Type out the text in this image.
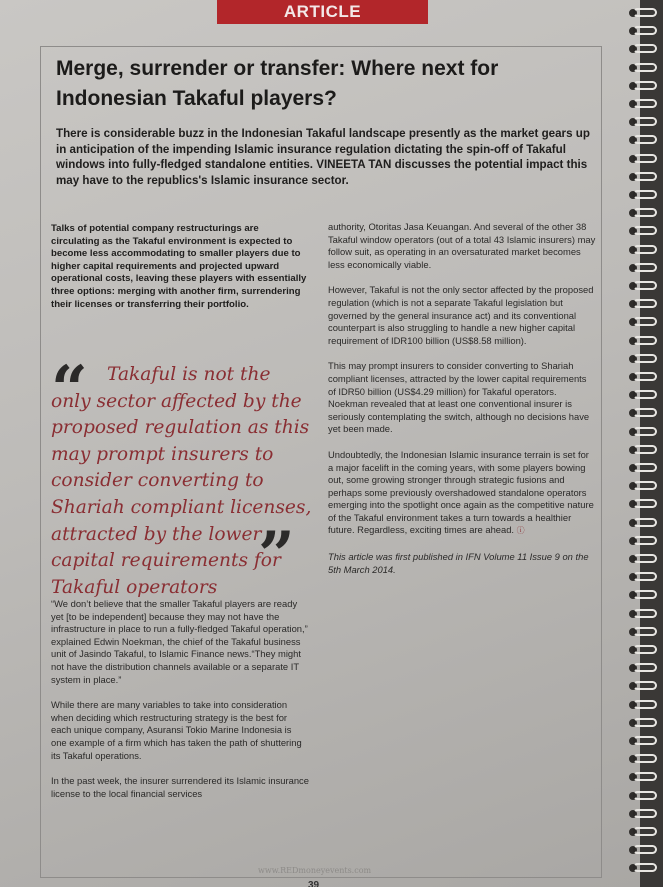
ARTICLE
Merge, surrender or transfer: Where next for Indonesian Takaful players?

There is considerable buzz in the Indonesian Takaful landscape presently as the market gears up in anticipation of the impending Islamic insurance regulation dictating the spin-off of Takaful windows into fully-fledged standalone entities. VINEETA TAN discusses the potential impact this may have to the republics's Islamic insurance sector.

Talks of potential company restructurings are circulating as the Takaful environment is expected to become less accommodating to smaller players due to higher capital requirements and projected upward operational costs, leaving these players with essentially three options: merging with another firm, surrendering their licenses or transferring their portfolio.

“	Takaful is not the only sector affected by the proposed regulation as this may prompt insurers to consider converting to Shariah compliant licenses, attracted by the lower capital requirements for Takaful operators ”

“We don’t believe that the smaller Takaful players are ready yet [to be independent] because they may not have the infrastructure in place to run a fully-fledged Takaful operation,” explained Edwin Noekman, the chief of the Takaful business unit of Jasindo Takaful, to Islamic Finance news.“They might not have the distribution channels available or a separate IT system in place.”

While there are many variables to take into consideration when deciding which restructuring strategy is the best for each unique company, Asuransi Tokio Marine Indonesia is one example of a firm which has taken the path of shuttering its Takaful operations.

In the past week, the insurer surrendered its Islamic insurance license to the local financial services

authority, Otoritas Jasa Keuangan. And several of the other 38 Takaful window operators (out of a total 43 Islamic insurers) may follow suit, as operating in an oversaturated market becomes less economically viable.

However, Takaful is not the only sector affected by the proposed regulation (which is not a separate Takaful legislation but governed by the general insurance act) and its conventional counterpart is also struggling to handle a new higher capital requirement of IDR100 billion (US$8.58 million).

This may prompt insurers to consider converting to Shariah compliant licenses, attracted by the lower capital requirements of IDR50 billion (US$4.29 million) for Takaful operators. Noekman revealed that at least one conventional insurer is seriously contemplating the switch, although no decisions have yet been made.

Undoubtedly, the Indonesian Islamic insurance terrain is set for a major facelift in the coming years, with some players bowing out, some growing stronger through strategic fusions and perhaps some previously overshadowed standalone operators emerging into the spotlight once again as the competitive nature of the Takaful environment takes a turn towards a healthier future. Regardless, exciting times are ahead. ⓘ

This article was first published in IFN Volume 11 Issue 9 on the 5th March 2014.

www.REDmoneyevents.com
39
